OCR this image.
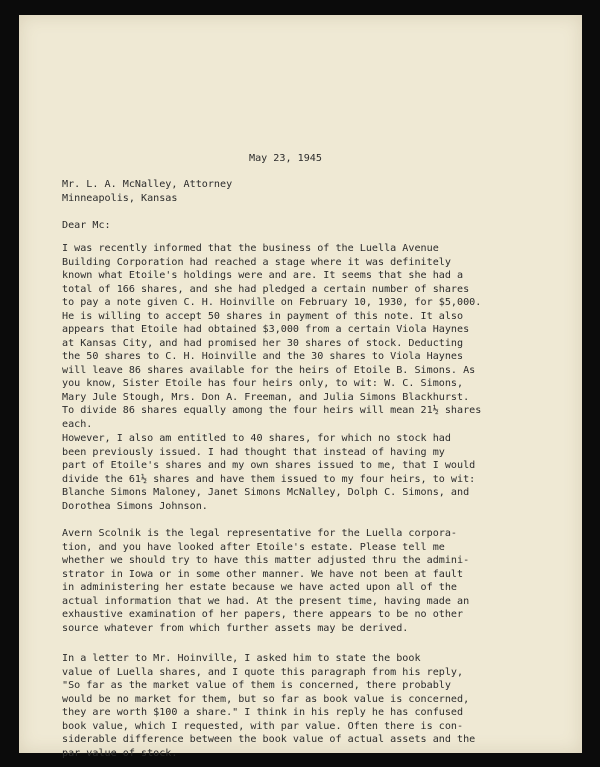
May 23, 1945
Mr. L. A. McNalley, Attorney
Minneapolis, Kansas
Dear Mc:
I was recently informed that the business of the Luella Avenue
Building Corporation had reached a stage where it was definitely
known what Etoile's holdings were and are. It seems that she had a
total of 166 shares, and she had pledged a certain number of shares
to pay a note given C. H. Hoinville on February 10, 1930, for $5,000.
He is willing to accept 50 shares in payment of this note. It also
appears that Etoile had obtained $3,000 from a certain Viola Haynes
at Kansas City, and had promised her 30 shares of stock. Deducting
the 50 shares to C. H. Hoinville and the 30 shares to Viola Haynes
will leave 86 shares available for the heirs of Etoile B. Simons. As
you know, Sister Etoile has four heirs only, to wit: W. C. Simons,
Mary Jule Stough, Mrs. Don A. Freeman, and Julia Simons Blackhurst.
To divide 86 shares equally among the four heirs will mean 21½ shares
each.
However, I also am entitled to 40 shares, for which no stock had
been previously issued. I had thought that instead of having my
part of Etoile's shares and my own shares issued to me, that I would
divide the 61½ shares and have them issued to my four heirs, to wit:
Blanche Simons Maloney, Janet Simons McNalley, Dolph C. Simons, and
Dorothea Simons Johnson.
Avern Scolnik is the legal representative for the Luella corpora-
tion, and you have looked after Etoile's estate. Please tell me
whether we should try to have this matter adjusted thru the admini-
strator in Iowa or in some other manner. We have not been at fault
in administering her estate because we have acted upon all of the
actual information that we had. At the present time, having made an
exhaustive examination of her papers, there appears to be no other
source whatever from which further assets may be derived.
In a letter to Mr. Hoinville, I asked him to state the book
value of Luella shares, and I quote this paragraph from his reply,
"So far as the market value of them is concerned, there probably
would be no market for them, but so far as book value is concerned,
they are worth $100 a share." I think in his reply he has confused
book value, which I requested, with par value. Often there is con-
siderable difference between the book value of actual assets and the
par value of stock.
